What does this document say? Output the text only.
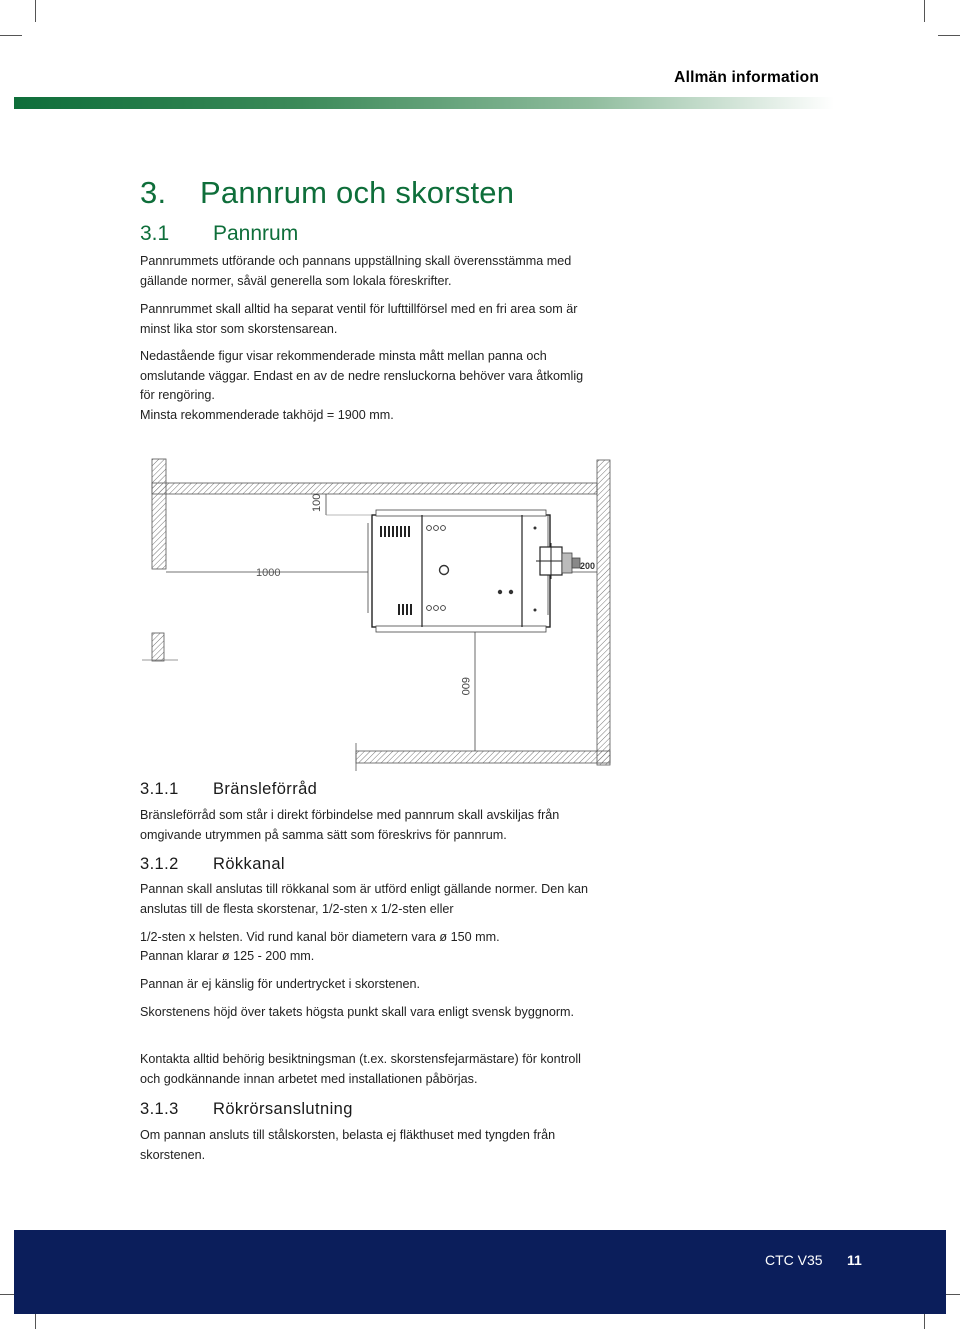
Allmän information
3. Pannrum och skorsten
3.1 Pannrum
Pannrummets utförande och pannans uppställning skall överensstämma med gällande normer, såväl generella som lokala föreskrifter.
Pannrummet skall alltid ha separat ventil för lufttillförsel med en fri area som är minst lika stor som skorstensarean.
Nedastående figur visar rekommenderade minsta mått mellan panna och omslutande väggar. Endast en av de nedre rensluckorna behöver vara åtkomlig för rengöring.
Minsta rekommenderade takhöjd = 1900 mm.
100
1000
200
600
3.1.1 Bränsleförråd
Bränsleförråd som står i direkt förbindelse med pannrum skall avskiljas från omgivande utrymmen på samma sätt som föreskrivs för pannrum.
3.1.2 Rökkanal
Pannan skall anslutas till rökkanal som är utförd enligt gällande normer. Den kan anslutas till de flesta skorstenar, 1/2-sten x 1/2-sten eller
1/2-sten x helsten. Vid rund kanal bör diametern vara ø 150 mm.
Pannan klarar ø 125 - 200 mm.
Pannan är ej känslig för undertrycket i skorstenen.
Skorstenens höjd över takets högsta punkt skall vara enligt svensk byggnorm.
Kontakta alltid behörig besiktningsman (t.ex. skorstensfejarmästare) för kontroll och godkännande innan arbetet med installationen påbörjas.
3.1.3 Rökrörsanslutning
Om pannan ansluts till stålskorsten, belasta ej fläkthuset med tyngden från skorstenen.
CTC V35 11
